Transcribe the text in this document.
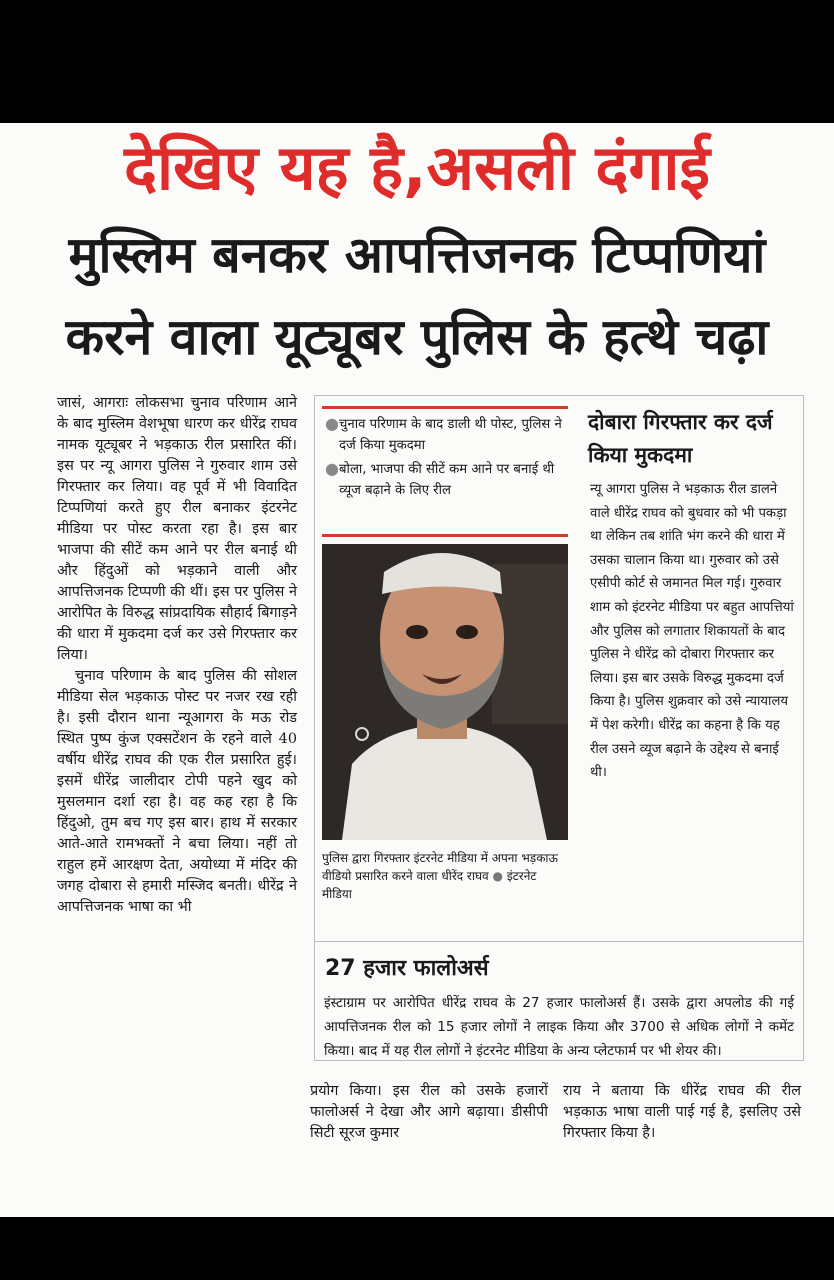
देखिए यह है,असली दंगाई
मुस्लिम बनकर आपत्तिजनक टिप्पणियां
करने वाला यूट्यूबर पुलिस के हत्थे चढ़ा

जासं, आगराः लोकसभा चुनाव परिणाम आने के बाद मुस्लिम वेशभूषा धारण कर धीरेंद्र राघव नामक यूट्यूबर ने भड़काऊ रील प्रसारित कीं। इस पर न्यू आगरा पुलिस ने गुरुवार शाम उसे गिरफ्तार कर लिया। वह पूर्व में भी विवादित टिप्पणियां करते हुए रील बनाकर इंटरनेट मीडिया पर पोस्ट करता रहा है। इस बार भाजपा की सीटें कम आने पर रील बनाई थी और हिंदुओं को भड़काने वाली और आपत्तिजनक टिप्पणी की थीं। इस पर पुलिस ने आरोपित के विरुद्ध सांप्रदायिक सौहार्द बिगाड़ने की धारा में मुकदमा दर्ज कर उसे गिरफ्तार कर लिया।

चुनाव परिणाम के बाद पुलिस की सोशल मीडिया सेल भड़काऊ पोस्ट पर नजर रख रही है। इसी दौरान थाना न्यूआगरा के मऊ रोड स्थित पुष्प कुंज एक्सटेंशन के रहने वाले 40 वर्षीय धीरेंद्र राघव की एक रील प्रसारित हुई। इसमें धीरेंद्र जालीदार टोपी पहने खुद को मुसलमान दर्शा रहा है। वह कह रहा है कि हिंदुओ, तुम बच गए इस बार। हाथ में सरकार आते-आते रामभक्तों ने बचा लिया। नहीं तो राहुल हमें आरक्षण देता, अयोध्या में मंदिर की जगह दोबारा से हमारी मस्जिद बनती। धीरेंद्र ने आपत्तिजनक भाषा का भी

● चुनाव परिणाम के बाद डाली थी पोस्ट, पुलिस ने दर्ज किया मुकदमा
● बोला, भाजपा की सीटें कम आने पर बनाई थी व्यूज बढ़ाने के लिए रील
पुलिस द्वारा गिरफ्तार इंटरनेट मीडिया में अपना भड़काऊ वीडियो प्रसारित करने वाला धीरेंद राघव ● इंटरनेट मीडिया
दोबारा गिरफ्तार कर दर्ज किया मुकदमा
न्यू आगरा पुलिस ने भड़काऊ रील डालने वाले धीरेंद्र राघव को बुधवार को भी पकड़ा था लेकिन तब शांति भंग करने की धारा में उसका चालान किया था। गुरुवार को उसे एसीपी कोर्ट से जमानत मिल गई। गुरुवार शाम को इंटरनेट मीडिया पर बहुत आपत्तियां और पुलिस को लगातार शिकायतों के बाद पुलिस ने धीरेंद्र को दोबारा गिरफ्तार कर लिया। इस बार उसके विरुद्ध मुकदमा दर्ज किया है। पुलिस शुक्रवार को उसे न्यायालय में पेश करेगी। धीरेंद्र का कहना है कि यह रील उसने व्यूज बढ़ाने के उद्देश्य से बनाई थी।
27 हजार फालोअर्स
इंस्टाग्राम पर आरोपित धीरेंद्र राघव के 27 हजार फालोअर्स हैं। उसके द्वारा अपलोड की गई आपत्तिजनक रील को 15 हजार लोगों ने लाइक किया और 3700 से अधिक लोगों ने कमेंट किया। बाद में यह रील लोगों ने इंटरनेट मीडिया के अन्य प्लेटफार्म पर भी शेयर की।

प्रयोग किया। इस रील को उसके हजारों फालोअर्स ने देखा और आगे बढ़ाया। डीसीपी सिटी सूरज कुमार

राय ने बताया कि धीरेंद्र राघव की रील भड़काऊ भाषा वाली पाई गई है, इसलिए उसे गिरफ्तार किया है।
